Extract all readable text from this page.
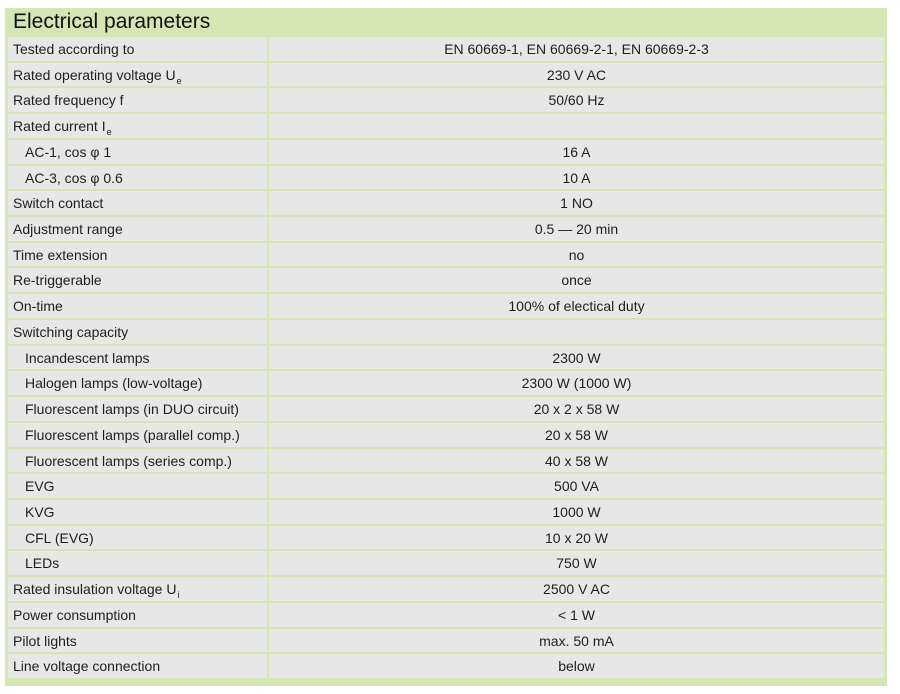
Electrical parameters
Tested according to	EN 60669-1, EN 60669-2-1, EN 60669-2-3
Rated operating voltage $U_e$	230 V AC
Rated frequency f	50/60 Hz
Rated current $I_e$
AC-1, cos φ 1	16 A
AC-3, cos φ 0.6	10 A
Switch contact	1 NO
Adjustment range	0.5 — 20 min
Time extension	no
Re-triggerable	once
On-time	100% of electical duty
Switching capacity
Incandescent lamps	2300 W
Halogen lamps (low-voltage)	2300 W (1000 W)
Fluorescent lamps (in DUO circuit)	20 x 2 x 58 W
Fluorescent lamps (parallel comp.)	20 x 58 W
Fluorescent lamps (series comp.)	40 x 58 W
EVG	500 VA
KVG	1000 W
CFL (EVG)	10 x 20 W
LEDs	750 W
Rated insulation voltage $U_i$	2500 V AC
Power consumption	< 1 W
Pilot lights	max. 50 mA
Line voltage connection	below
